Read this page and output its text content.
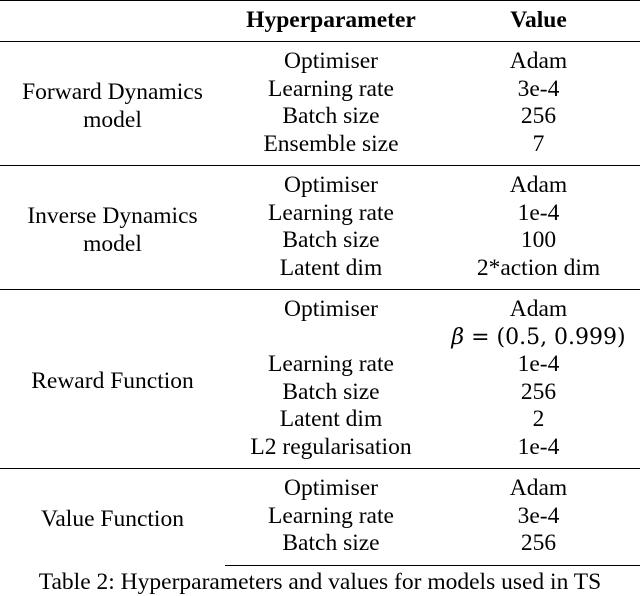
	Hyperparameter	Value
Forward Dynamics
model	Optimiser	Adam
	Learning rate	3e-4
	Batch size	256
	Ensemble size	7
Inverse Dynamics
model	Optimiser	Adam
	Learning rate	1e-4
	Batch size	100
	Latent dim	2*action dim
Reward Function	Optimiser	Adam
		β = (0.5, 0.999)
	Learning rate	1e-4
	Batch size	256
	Latent dim	2
	L2 regularisation	1e-4
Value Function	Optimiser	Adam
	Learning rate	3e-4
	Batch size	256
Table 2: Hyperparameters and values for models used in TS
